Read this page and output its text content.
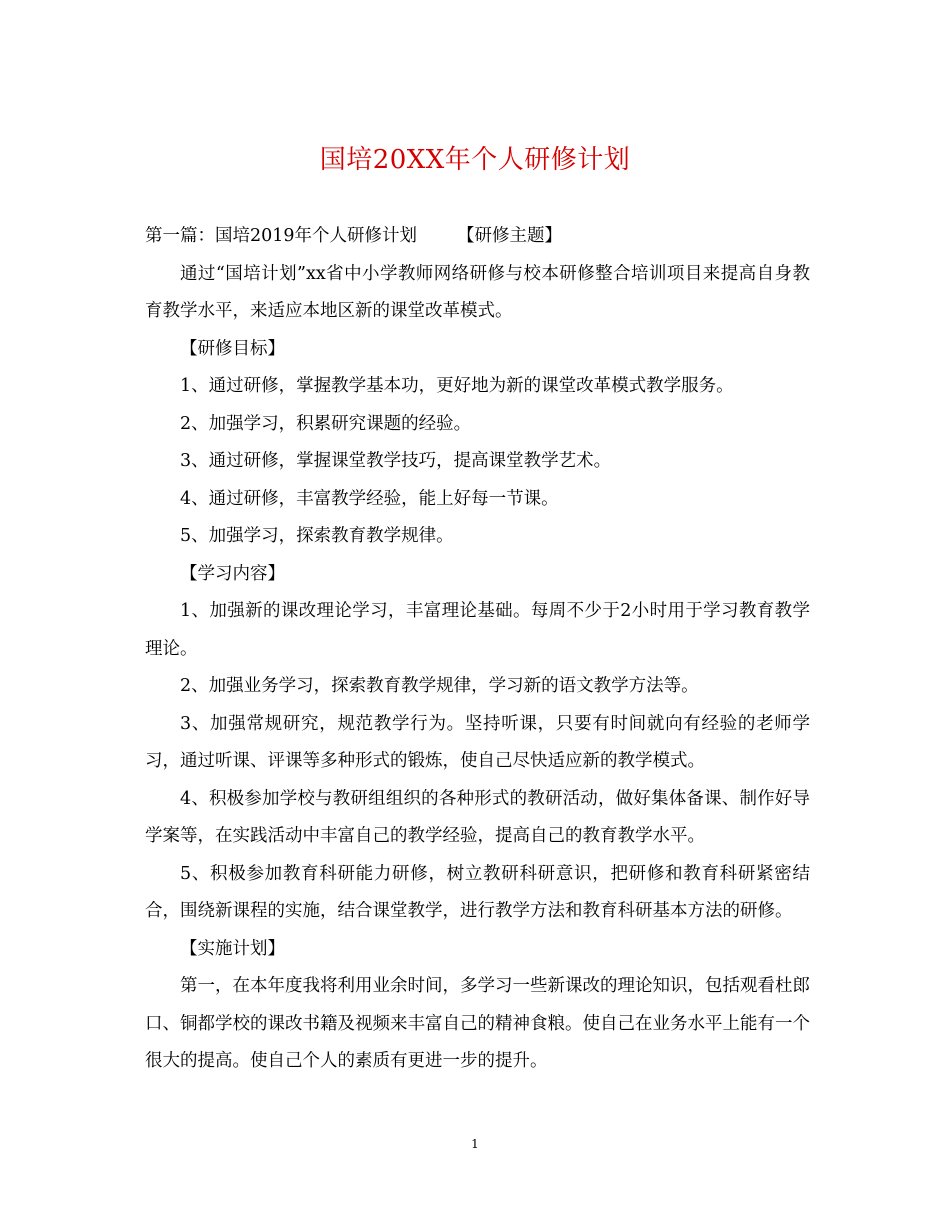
国培20XX年个人研修计划

第一篇：国培2019年个人研修计划 【研修主题】

通过“国培计划”xx省中小学教师网络研修与校本研修整合培训项目来提高自身教育教学水平，来适应本地区新的课堂改革模式。

【研修目标】

1、通过研修，掌握教学基本功，更好地为新的课堂改革模式教学服务。

2、加强学习，积累研究课题的经验。

3、通过研修，掌握课堂教学技巧，提高课堂教学艺术。

4、通过研修，丰富教学经验，能上好每一节课。

5、加强学习，探索教育教学规律。

【学习内容】

1、加强新的课改理论学习，丰富理论基础。每周不少于2小时用于学习教育教学理论。

2、加强业务学习，探索教育教学规律，学习新的语文教学方法等。

3、加强常规研究，规范教学行为。坚持听课，只要有时间就向有经验的老师学习，通过听课、评课等多种形式的锻炼，使自己尽快适应新的教学模式。

4、积极参加学校与教研组组织的各种形式的教研活动，做好集体备课、制作好导学案等，在实践活动中丰富自己的教学经验，提高自己的教育教学水平。

5、积极参加教育科研能力研修，树立教研科研意识，把研修和教育科研紧密结合，围绕新课程的实施，结合课堂教学，进行教学方法和教育科研基本方法的研修。

【实施计划】

第一，在本年度我将利用业余时间，多学习一些新课改的理论知识，包括观看杜郎口、铜都学校的课改书籍及视频来丰富自己的精神食粮。使自己在业务水平上能有一个很大的提高。使自己个人的素质有更进一步的提升。

1
